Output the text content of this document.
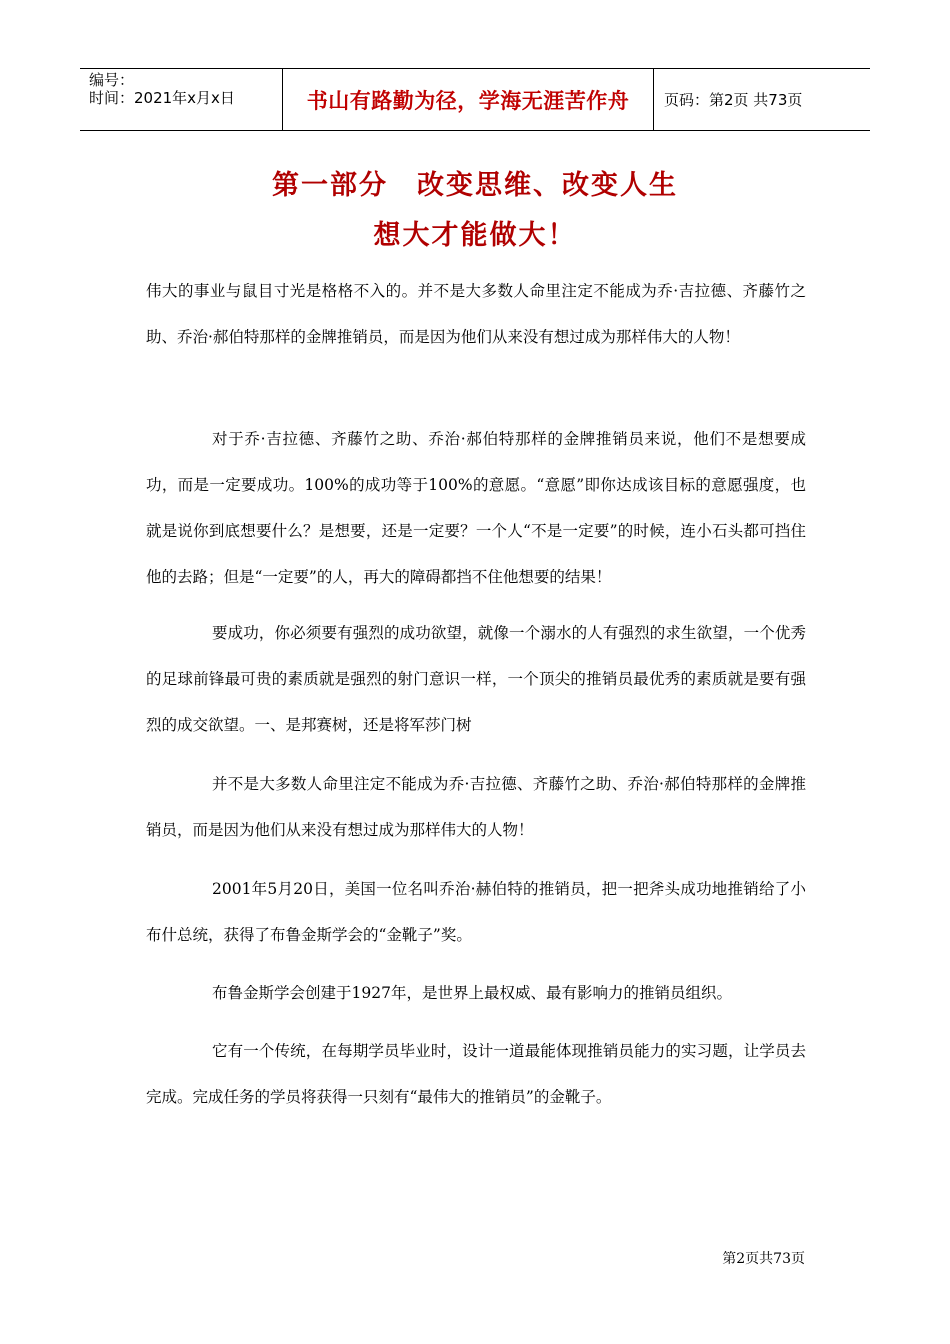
编号：
时间：2021年x月x日	书山有路勤为径，学海无涯苦作舟	页码：第2页 共73页
第一部分　改变思维、改变人生
想大才能做大！

伟大的事业与鼠目寸光是格格不入的。并不是大多数人命里注定不能成为乔·吉拉德、齐藤竹之助、乔治·郝伯特那样的金牌推销员，而是因为他们从来没有想过成为那样伟大的人物！

对于乔·吉拉德、齐藤竹之助、乔治·郝伯特那样的金牌推销员来说，他们不是想要成功，而是一定要成功。100%的成功等于100%的意愿。“意愿”即你达成该目标的意愿强度，也就是说你到底想要什么？是想要，还是一定要？一个人“不是一定要”的时候，连小石头都可挡住他的去路；但是“一定要”的人，再大的障碍都挡不住他想要的结果！

要成功，你必须要有强烈的成功欲望，就像一个溺水的人有强烈的求生欲望，一个优秀的足球前锋最可贵的素质就是强烈的射门意识一样，一个顶尖的推销员最优秀的素质就是要有强烈的成交欲望。一、是邦赛树，还是将军莎门树

并不是大多数人命里注定不能成为乔·吉拉德、齐藤竹之助、乔治·郝伯特那样的金牌推销员，而是因为他们从来没有想过成为那样伟大的人物！

2001年5月20日，美国一位名叫乔治·赫伯特的推销员，把一把斧头成功地推销给了小布什总统，获得了布鲁金斯学会的“金靴子”奖。

布鲁金斯学会创建于1927年，是世界上最权威、最有影响力的推销员组织。

它有一个传统，在每期学员毕业时，设计一道最能体现推销员能力的实习题，让学员去完成。完成任务的学员将获得一只刻有“最伟大的推销员”的金靴子。

第2页共73页
